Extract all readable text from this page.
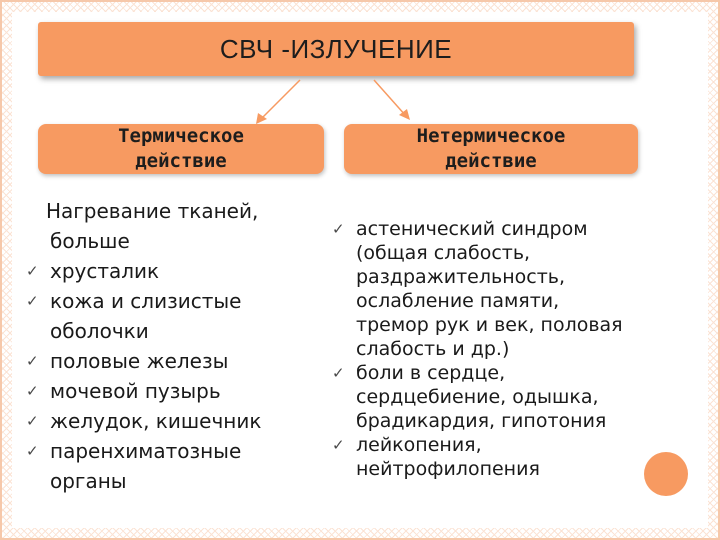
СВЧ -ИЗЛУЧЕНИЕ
Термическое
действие
Нетермическое
действие
Нагревание тканей,
больше
✓ хрусталик
✓ кожа и слизистые
оболочки
✓ половые железы
✓ мочевой пузырь
✓ желудок, кишечник
✓ паренхиматозные
органы
✓ астенический синдром
(общая слабость,
раздражительность,
ослабление памяти,
тремор рук и век, половая
слабость и др.)
✓ боли в сердце,
сердцебиение, одышка,
брадикардия, гипотония
✓ лейкопения,
нейтрофилопения
